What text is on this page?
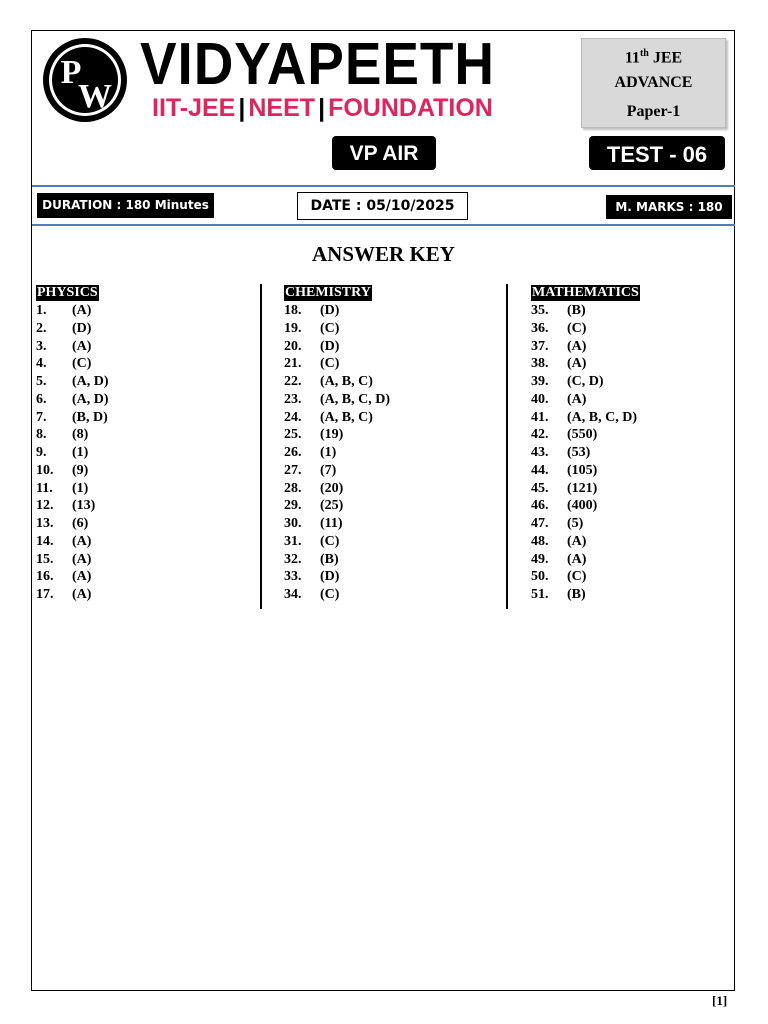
P
W VIDYAPEETH
IIT-JEE | NEET | FOUNDATION
11th JEE
ADVANCE
Paper-1
VP AIR	TEST - 06
DURATION : 180 Minutes	DATE : 05/10/2025	M. MARKS : 180
ANSWER KEY
PHYSICS
1. (A)
2. (D)
3. (A)
4. (C)
5. (A, D)
6. (A, D)
7. (B, D)
8. (8)
9. (1)
10. (9)
11. (1)
12. (13)
13. (6)
14. (A)
15. (A)
16. (A)
17. (A)
CHEMISTRY
18. (D)
19. (C)
20. (D)
21. (C)
22. (A, B, C)
23. (A, B, C, D)
24. (A, B, C)
25. (19)
26. (1)
27. (7)
28. (20)
29. (25)
30. (11)
31. (C)
32. (B)
33. (D)
34. (C)
MATHEMATICS
35. (B)
36. (C)
37. (A)
38. (A)
39. (C, D)
40. (A)
41. (A, B, C, D)
42. (550)
43. (53)
44. (105)
45. (121)
46. (400)
47. (5)
48. (A)
49. (A)
50. (C)
51. (B)
[1]
